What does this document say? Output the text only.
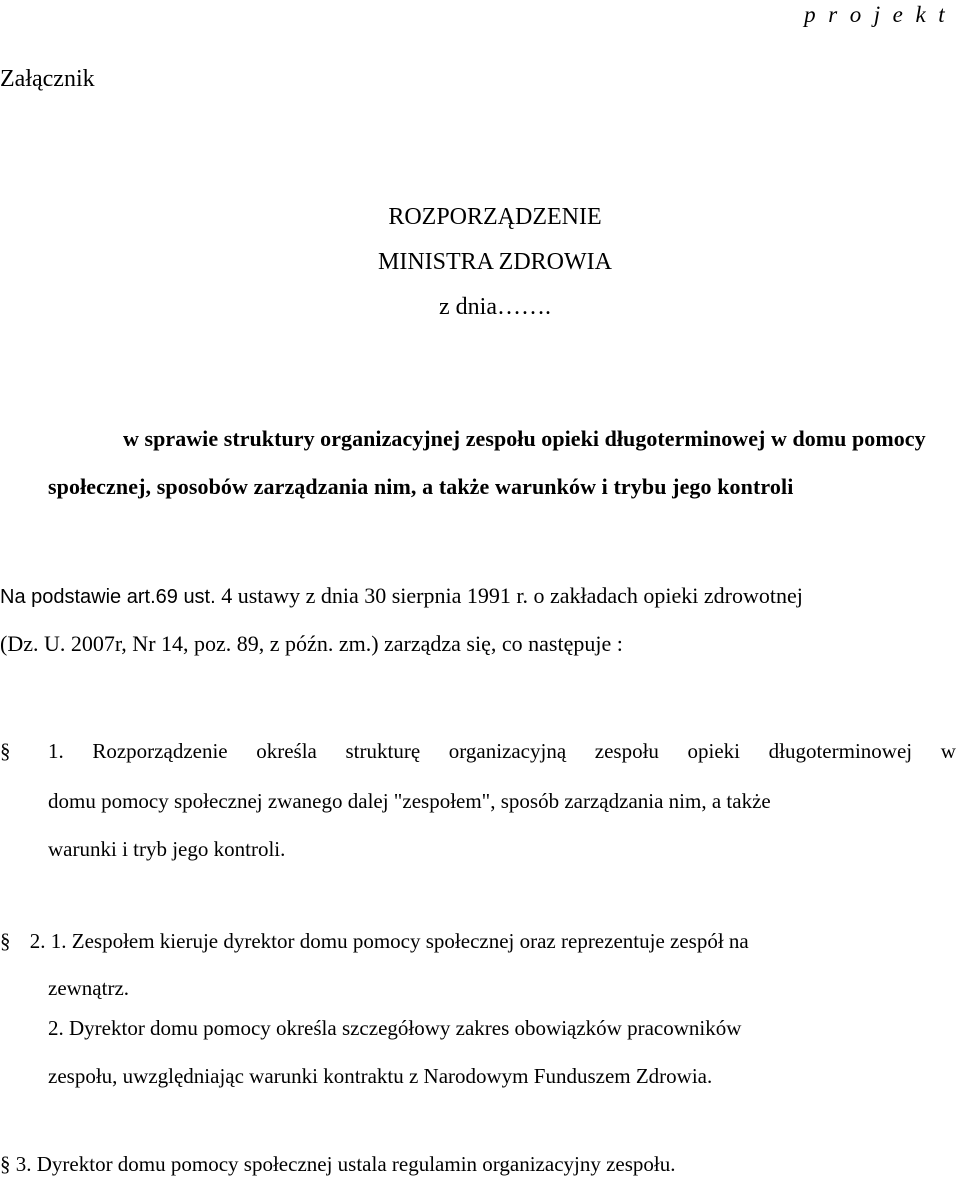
p r o j e k t
Załącznik
ROZPORZĄDZENIE
MINISTRA ZDROWIA
z dnia…….
w sprawie struktury organizacyjnej zespołu opieki długoterminowej w domu pomocy
społecznej, sposobów zarządzania nim, a także warunków i trybu jego kontroli
Na podstawie art.69 ust. 4 ustawy z dnia 30 sierpnia 1991 r. o zakładach opieki zdrowotnej
(Dz. U. 2007r, Nr 14, poz. 89, z późn. zm.) zarządza się, co następuje :
§ 1. Rozporządzenie określa strukturę organizacyjną zespołu opieki długoterminowej w
domu pomocy społecznej zwanego dalej "zespołem", sposób zarządzania nim, a także
warunki i tryb jego kontroli.
§ 2. 1. Zespołem kieruje dyrektor domu pomocy społecznej oraz reprezentuje zespół na
zewnątrz.
2. Dyrektor domu pomocy określa szczegółowy zakres obowiązków pracowników
zespołu, uwzględniając warunki kontraktu z Narodowym Funduszem Zdrowia.
§ 3. Dyrektor domu pomocy społecznej ustala regulamin organizacyjny zespołu.
